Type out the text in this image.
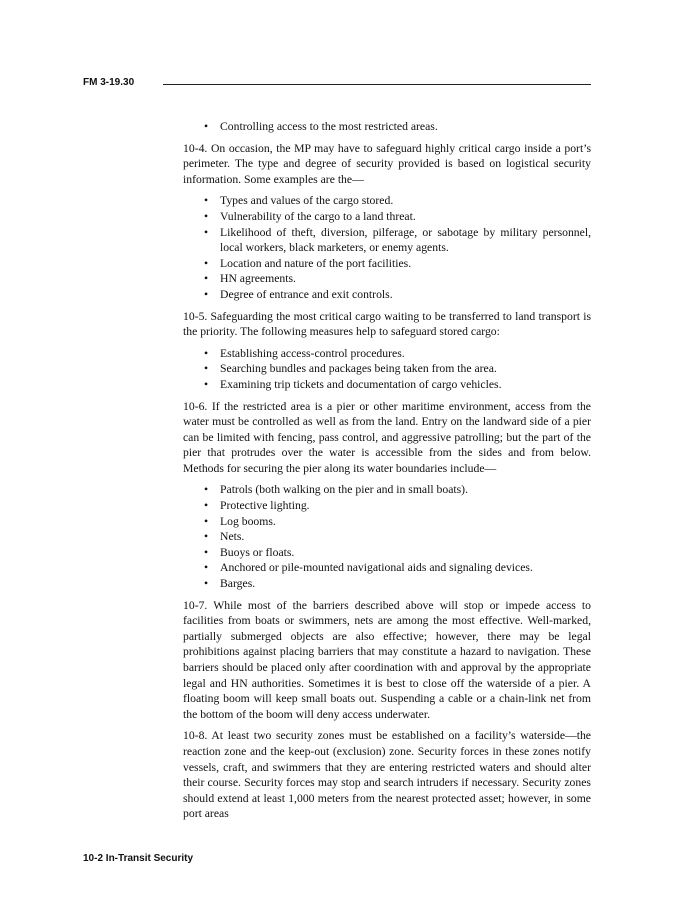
FM 3-19.30
• Controlling access to the most restricted areas.

10-4. On occasion, the MP may have to safeguard highly critical cargo inside a port’s perimeter. The type and degree of security provided is based on logistical security information. Some examples are the—

• Types and values of the cargo stored.
• Vulnerability of the cargo to a land threat.
• Likelihood of theft, diversion, pilferage, or sabotage by military personnel, local workers, black marketers, or enemy agents.
• Location and nature of the port facilities.
• HN agreements.
• Degree of entrance and exit controls.

10-5. Safeguarding the most critical cargo waiting to be transferred to land transport is the priority. The following measures help to safeguard stored cargo:

• Establishing access-control procedures.
• Searching bundles and packages being taken from the area.
• Examining trip tickets and documentation of cargo vehicles.

10-6. If the restricted area is a pier or other maritime environment, access from the water must be controlled as well as from the land. Entry on the landward side of a pier can be limited with fencing, pass control, and aggressive patrolling; but the part of the pier that protrudes over the water is accessible from the sides and from below. Methods for securing the pier along its water boundaries include—

• Patrols (both walking on the pier and in small boats).
• Protective lighting.
• Log booms.
• Nets.
• Buoys or floats.
• Anchored or pile-mounted navigational aids and signaling devices.
• Barges.

10-7. While most of the barriers described above will stop or impede access to facilities from boats or swimmers, nets are among the most effective. Well-marked, partially submerged objects are also effective; however, there may be legal prohibitions against placing barriers that may constitute a hazard to navigation. These barriers should be placed only after coordination with and approval by the appropriate legal and HN authorities. Sometimes it is best to close off the waterside of a pier. A floating boom will keep small boats out. Suspending a cable or a chain-link net from the bottom of the boom will deny access underwater.

10-8. At least two security zones must be established on a facility’s waterside—the reaction zone and the keep-out (exclusion) zone. Security forces in these zones notify vessels, craft, and swimmers that they are entering restricted waters and should alter their course. Security forces may stop and search intruders if necessary. Security zones should extend at least 1,000 meters from the nearest protected asset; however, in some port areas

10-2 In-Transit Security
